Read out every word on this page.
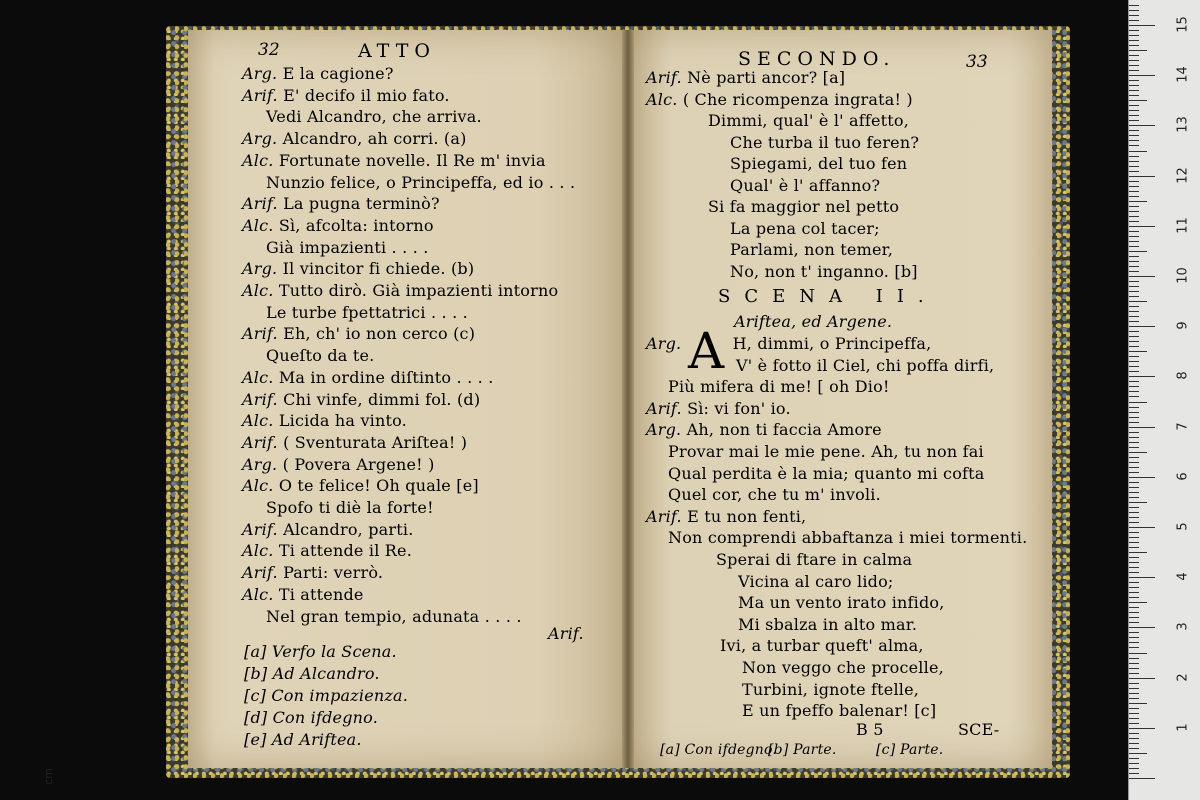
32	ATTO	SECONDO.	33
Arif.
SCENA II.
Ariftea, ed Argene.
A
B 5	SCE-	1
2
3
4
5
6
7
8
9
10
11
12
13
14
15
cm
Arg. E la cagione?
Arif. E' decifo il mio fato.
Vedi Alcandro, che arriva.
Arg. Alcandro, ah corri. (a)
Alc. Fortunate novelle. Il Re m' invia
Nunzio felice, o Principeffa, ed io . . .
Arif. La pugna terminò?
Alc. Sì, afcolta: intorno
Già impazienti . . . .
Arg. Il vincitor fi chiede. (b)
Alc. Tutto dirò. Già impazienti intorno
Le turbe fpettatrici . . . .
Arif. Eh, ch' io non cerco (c)
Queſto da te.
Alc. Ma in ordine diſtinto . . . .
Arif. Chi vinfe, dimmi fol. (d)
Alc. Licida ha vinto.
Arif. ( Sventurata Ariſtea! )
Arg. ( Povera Argene! )
Alc. O te felice! Oh quale [e]
Spofo ti diè la forte!
Arif. Alcandro, parti.
Alc. Ti attende il Re.
Arif. Parti: verrò.
Alc. Ti attende
Nel gran tempio, adunata . . . .
[a] Verfo la Scena.
[b] Ad Alcandro.
[c] Con impazienza.
[d] Con ifdegno.
[e] Ad Ariftea.
Arif. Nè parti ancor? [a]
Alc. ( Che ricompenza ingrata! )
Dimmi, qual' è l' affetto,
Che turba il tuo feren?
Spiegami, del tuo fen
Qual' è l' affanno?
Si fa maggior nel petto
La pena col tacer;
Parlami, non temer,
No, non t' inganno. [b]
Arg.	H, dimmi, o Principeffa,
V' è fotto il Ciel, chi poffa dirfi,
Più mifera di me! [ oh Dio!
Arif. Sì: vi fon' io.
Arg. Ah, non ti faccia Amore
Provar mai le mie pene. Ah, tu non fai
Qual perdita è la mia; quanto mi cofta
Quel cor, che tu m' involi.
Arif. E tu non fenti,
Non comprendi abbaftanza i miei tormenti.
Sperai di ftare in calma
Vicina al caro lido;
Ma un vento irato infido,
Mi sbalza in alto mar.
Ivi, a turbar queft' alma,
Non veggo che procelle,
Turbini, ignote ftelle,
E un fpeffo balenar! [c]
[a] Con ifdegno.
[b] Parte.	[c] Parte.
